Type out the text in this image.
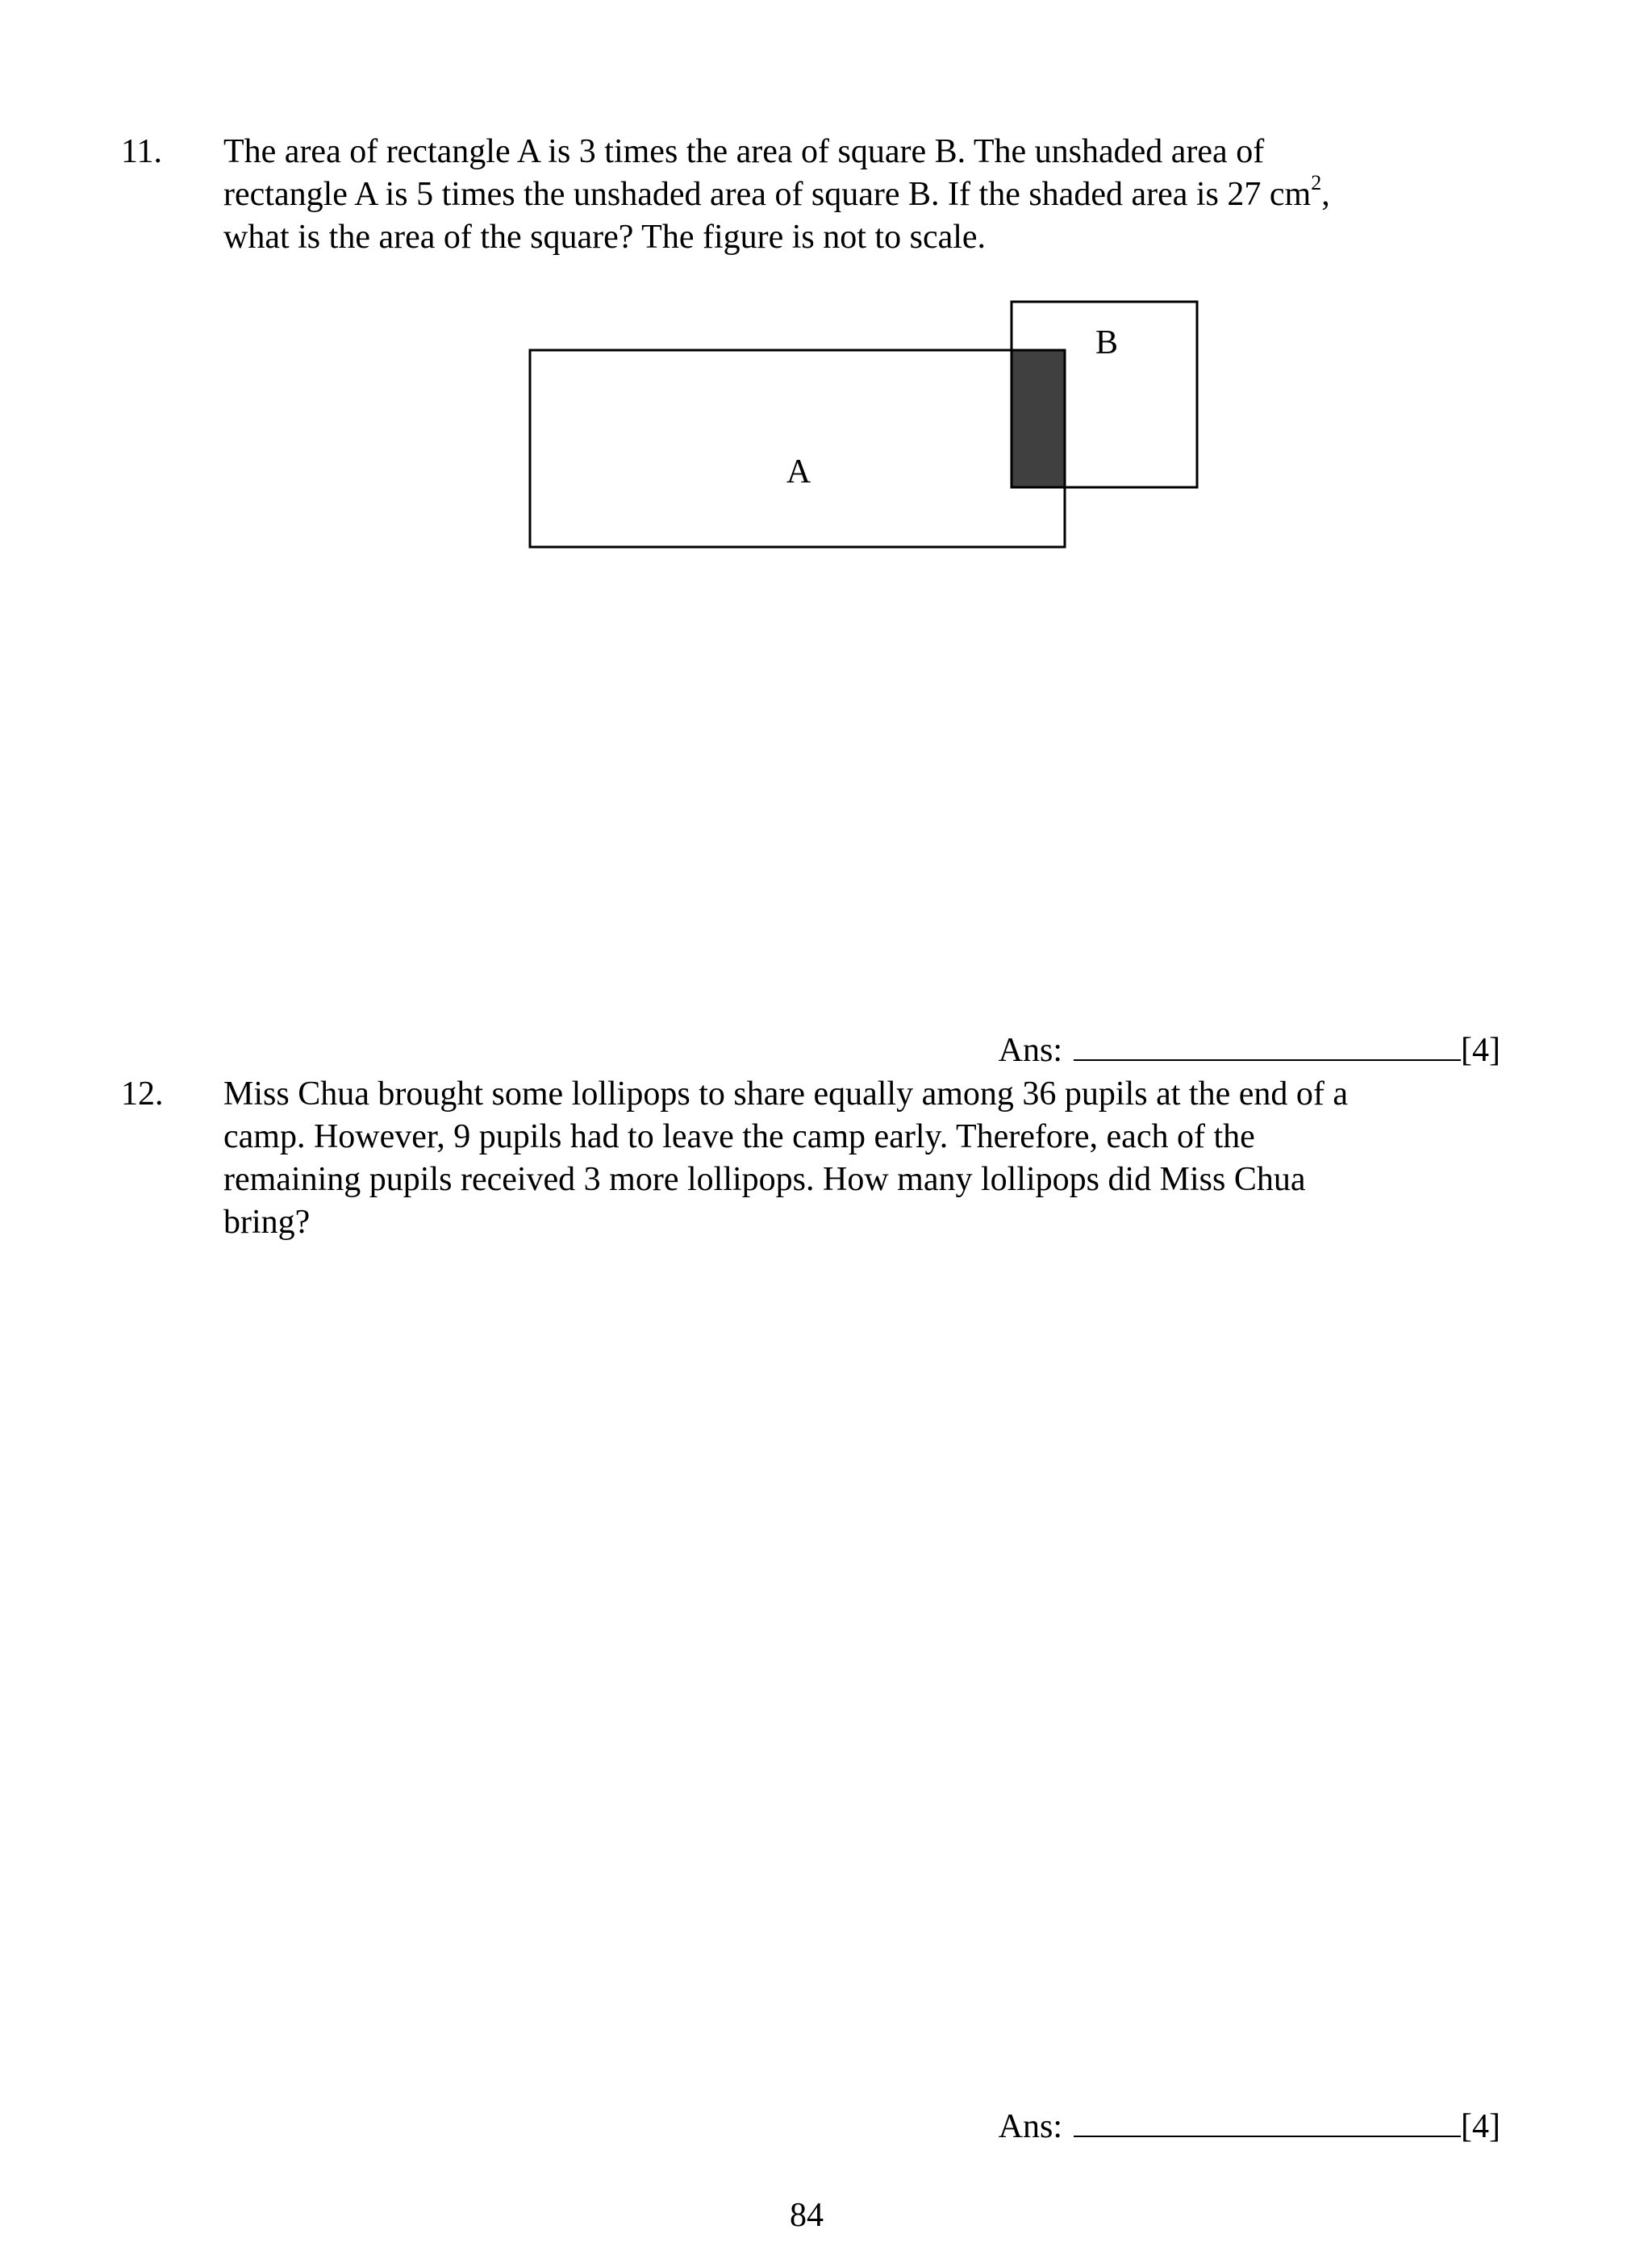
11. The area of rectangle A is 3 times the area of square B. The unshaded area of
rectangle A is 5 times the unshaded area of square B. If the shaded area is 27 $cm^2$,
what is the area of the square? The figure is not to scale.
A
B
Ans:	[4]
12. Miss Chua brought some lollipops to share equally among 36 pupils at the end of a
camp. However, 9 pupils had to leave the camp early. Therefore, each of the
remaining pupils received 3 more lollipops. How many lollipops did Miss Chua
bring?
Ans:	[4]
84
